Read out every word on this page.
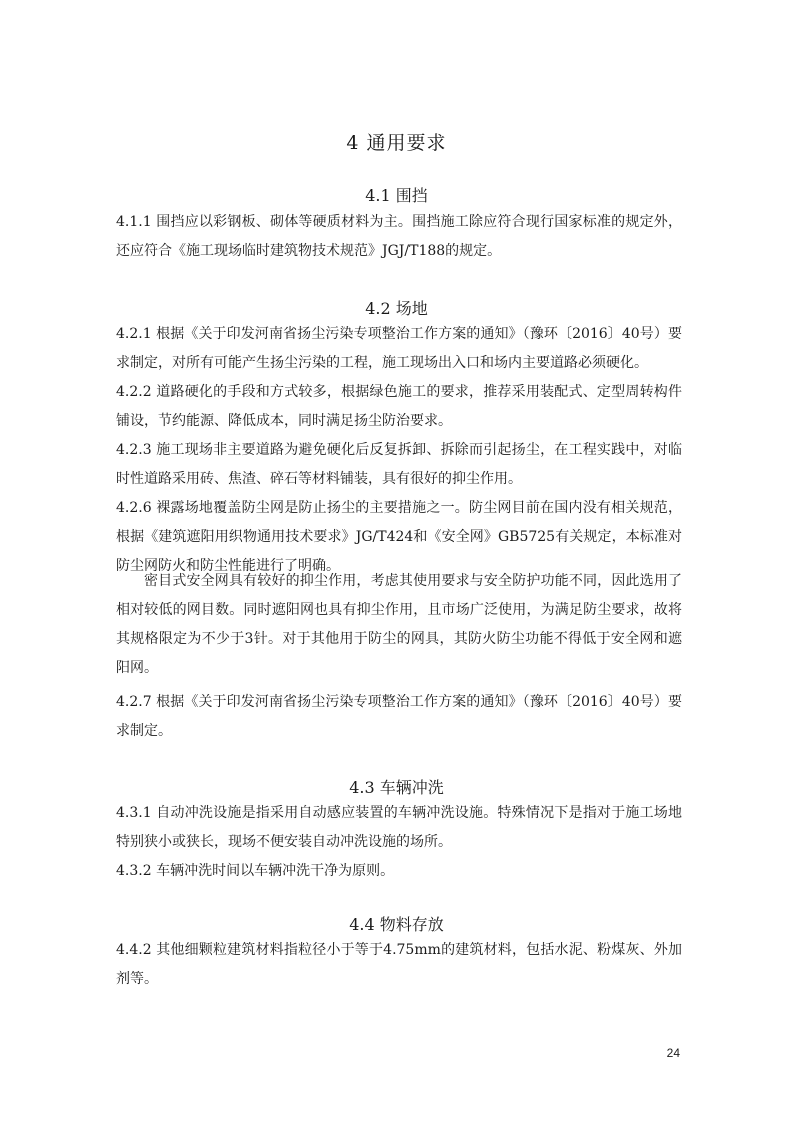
4 通用要求
4.1 围挡
4.1.1 围挡应以彩钢板、砌体等硬质材料为主。围挡施工除应符合现行国家标准的规定外，还应符合《施工现场临时建筑物技术规范》JGJ/T188的规定。
4.2 场地
4.2.1 根据《关于印发河南省扬尘污染专项整治工作方案的通知》（豫环〔2016〕40号）要求制定，对所有可能产生扬尘污染的工程，施工现场出入口和场内主要道路必须硬化。
4.2.2 道路硬化的手段和方式较多，根据绿色施工的要求，推荐采用装配式、定型周转构件铺设，节约能源、降低成本，同时满足扬尘防治要求。
4.2.3 施工现场非主要道路为避免硬化后反复拆卸、拆除而引起扬尘，在工程实践中，对临时性道路采用砖、焦渣、碎石等材料铺装，具有很好的抑尘作用。
4.2.6 裸露场地覆盖防尘网是防止扬尘的主要措施之一。防尘网目前在国内没有相关规范，根据《建筑遮阳用织物通用技术要求》JG/T424和《安全网》GB5725有关规定，本标准对防尘网防火和防尘性能进行了明确。
密目式安全网具有较好的抑尘作用，考虑其使用要求与安全防护功能不同，因此选用了相对较低的网目数。同时遮阳网也具有抑尘作用，且市场广泛使用，为满足防尘要求，故将其规格限定为不少于3针。对于其他用于防尘的网具，其防火防尘功能不得低于安全网和遮阳网。
4.2.7 根据《关于印发河南省扬尘污染专项整治工作方案的通知》（豫环〔2016〕40号）要求制定。
4.3 车辆冲洗
4.3.1 自动冲洗设施是指采用自动感应装置的车辆冲洗设施。特殊情况下是指对于施工场地特别狭小或狭长，现场不便安装自动冲洗设施的场所。
4.3.2 车辆冲洗时间以车辆冲洗干净为原则。
4.4 物料存放
4.4.2 其他细颗粒建筑材料指粒径小于等于4.75mm的建筑材料，包括水泥、粉煤灰、外加剂等。
24
